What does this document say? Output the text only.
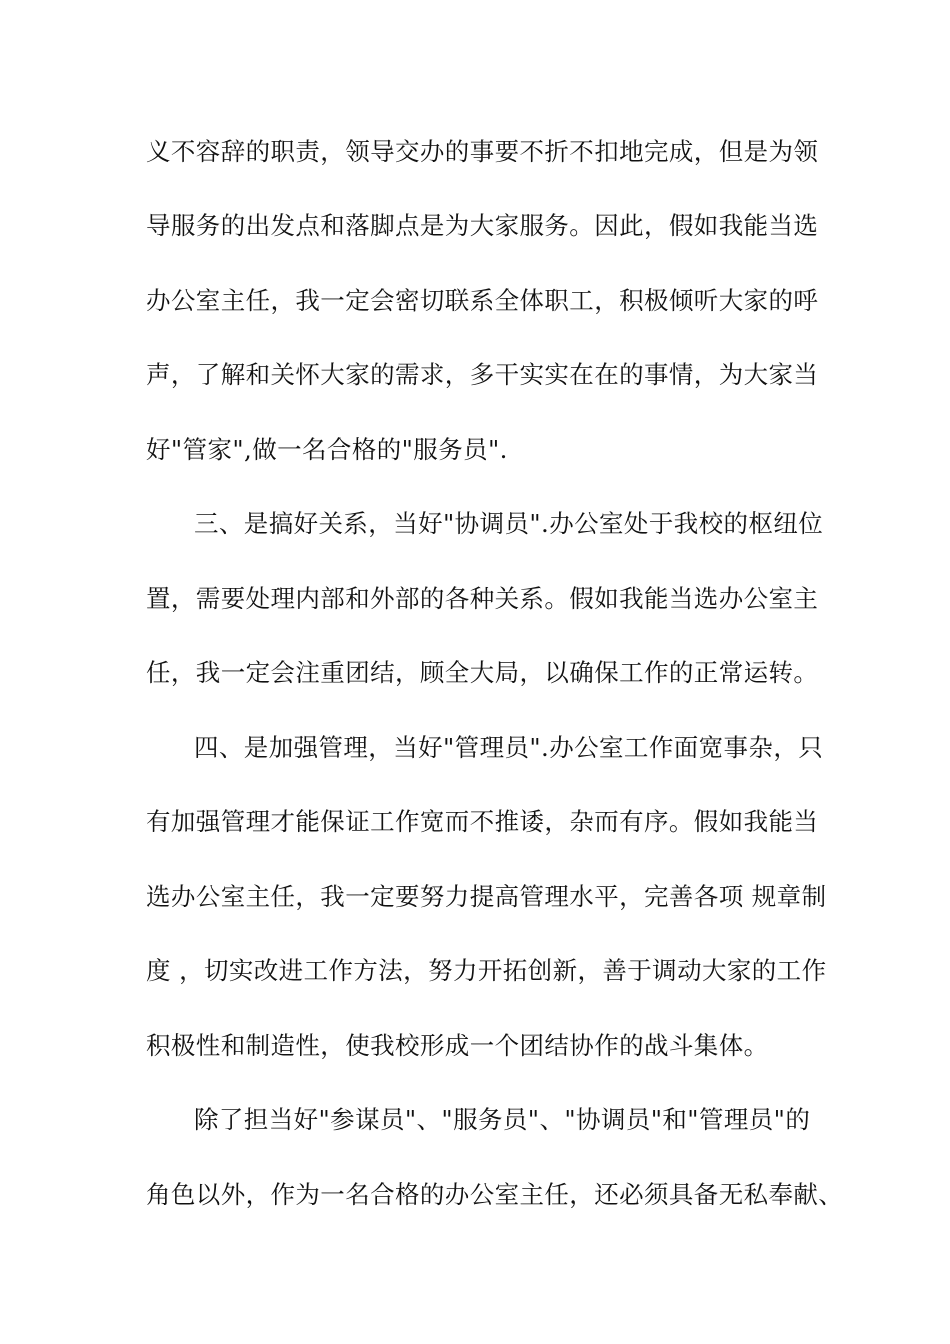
义不容辞的职责，领导交办的事要不折不扣地完成，但是为领
导服务的出发点和落脚点是为大家服务。因此，假如我能当选
办公室主任，我一定会密切联系全体职工，积极倾听大家的呼
声，了解和关怀大家的需求，多干实实在在的事情，为大家当
好"管家",做一名合格的"服务员".
三、是搞好关系，当好"协调员".办公室处于我校的枢纽位
置，需要处理内部和外部的各种关系。假如我能当选办公室主
任，我一定会注重团结，顾全大局，以确保工作的正常运转。
四、是加强管理，当好"管理员".办公室工作面宽事杂，只
有加强管理才能保证工作宽而不推诿，杂而有序。假如我能当
选办公室主任，我一定要努力提高管理水平，完善各项 规章制
度 ，切实改进工作方法，努力开拓创新，善于调动大家的工作
积极性和制造性，使我校形成一个团结协作的战斗集体。
除了担当好"参谋员"、"服务员"、"协调员"和"管理员"的
角色以外，作为一名合格的办公室主任，还必须具备无私奉献、
